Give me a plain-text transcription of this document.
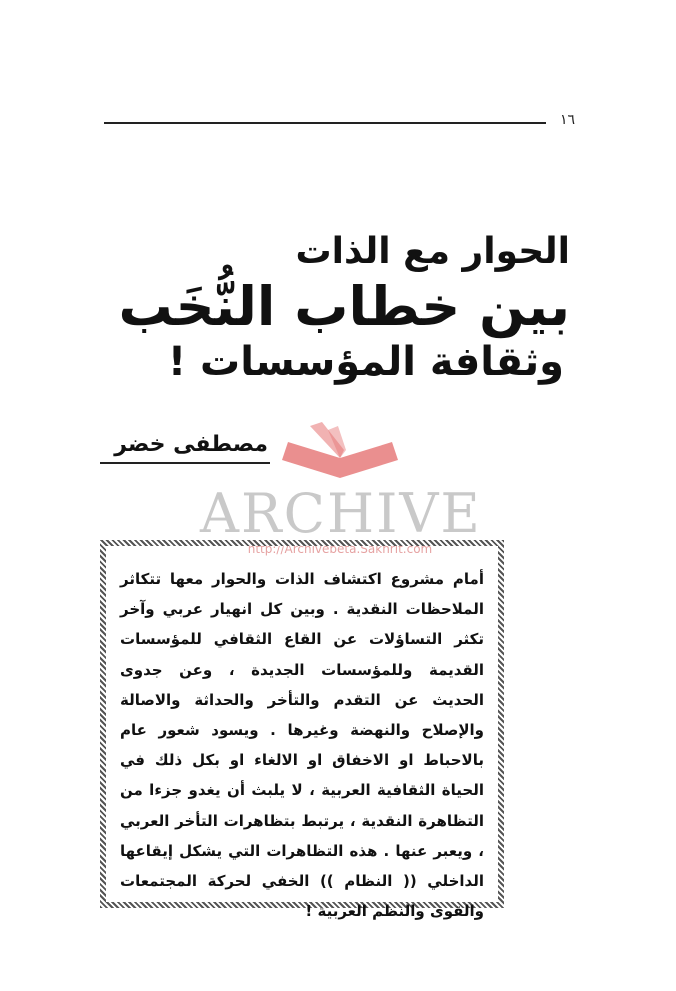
١٦

الحوار مع الذات

بين خطاب النُّخَب

وثقافة المؤسسات !

مصطفى خضر
ARCHIVE
http://Archivebeta.Sakhrit.com
أمام مشروع اكتشاف الذات والحوار معها تتكاثر الملاحظات النقدية . وبين كل انهيار عربي وآخر تكثر التساؤلات عن القاع الثقافي للمؤسسات القديمة وللمؤسسات الجديدة ، وعن جدوى الحديث عن التقدم والتأخر والحداثة والاصالة والإصلاح والنهضة وغيرها . ويسود شعور عام بالاحباط او الاخفاق او الالغاء او بكل ذلك في الحياة الثقافية العربية ، لا يلبث أن يغدو جزءا من التظاهرة النقدية ، يرتبط بتظاهرات التأخر العربي ، ويعبر عنها . هذه التظاهرات التي يشكل إيقاعها الداخلي (( النظام )) الخفي لحركة المجتمعات والقوى والنظم العربية !
